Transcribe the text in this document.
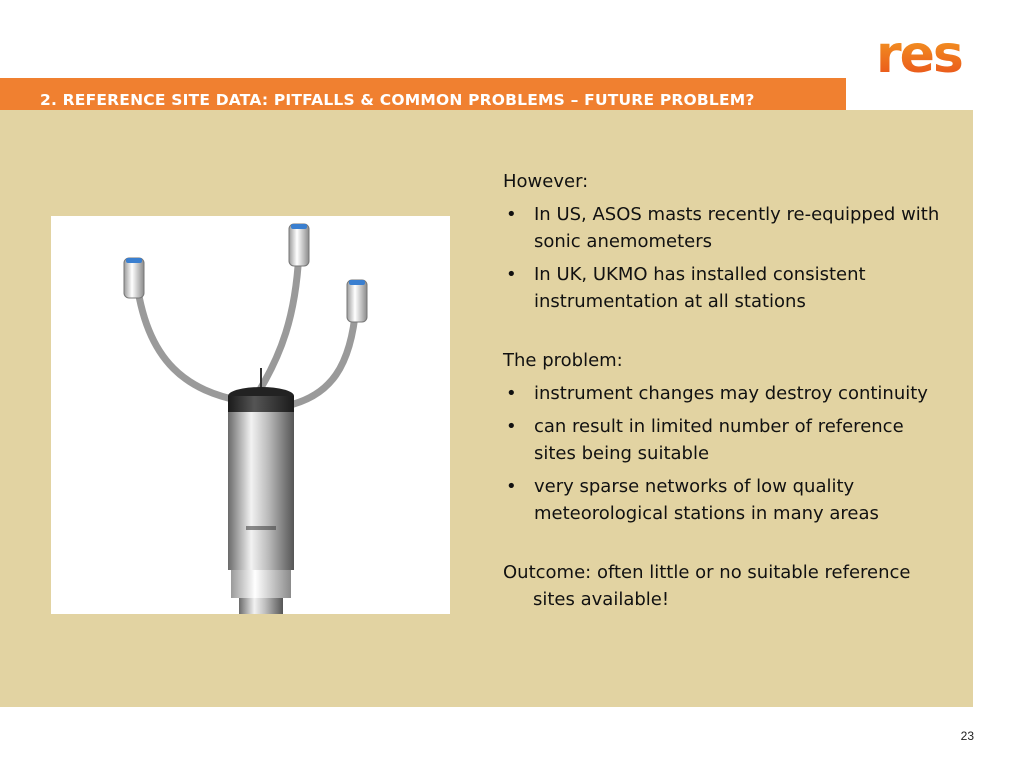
res
2. REFERENCE SITE DATA: PITFALLS & COMMON PROBLEMS – FUTURE PROBLEM?

However:

• In US, ASOS masts recently re-equipped with sonic anemometers
• In UK, UKMO has installed consistent instrumentation at all stations

The problem:

• instrument changes may destroy continuity
• can result in limited number of reference sites being suitable
• very sparse networks of low quality meteorological stations in many areas

Outcome: often little or no suitable reference sites available!

23
